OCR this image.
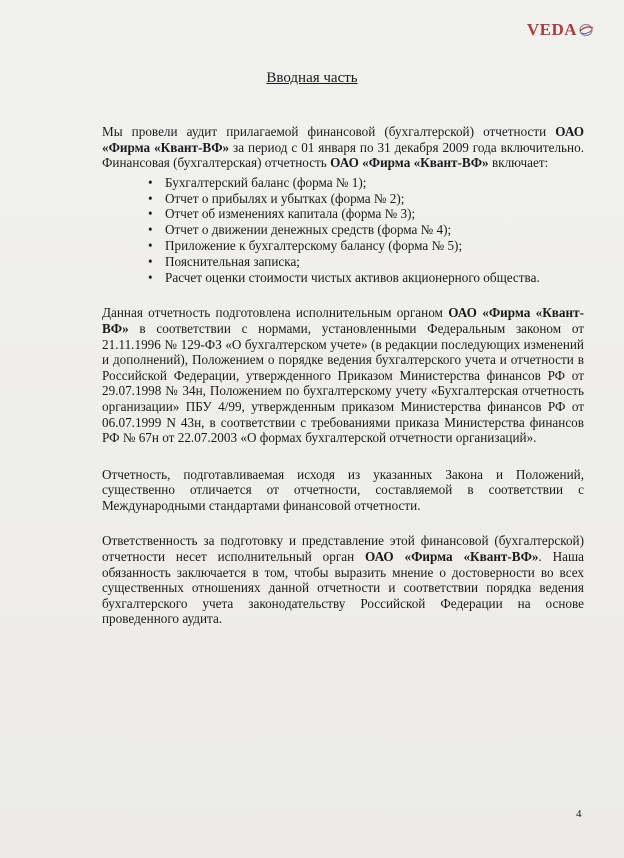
VEDA
Вводная часть

Мы провели аудит прилагаемой финансовой (бухгалтерской) отчетности ОАО «Фирма «Квант-ВФ» за период с 01 января по 31 декабря 2009 года включительно. Финансовая (бухгалтерская) отчетность ОАО «Фирма «Квант-ВФ» включает:

• Бухгалтерский баланс (форма № 1);
• Отчет о прибылях и убытках (форма № 2);
• Отчет об изменениях капитала (форма № 3);
• Отчет о движении денежных средств (форма № 4);
• Приложение к бухгалтерскому балансу (форма № 5);
• Пояснительная записка;
• Расчет оценки стоимости чистых активов акционерного общества.

Данная отчетность подготовлена исполнительным органом ОАО «Фирма «Квант-ВФ» в соответствии с нормами, установленными Федеральным законом от 21.11.1996 № 129-ФЗ «О бухгалтерском учете» (в редакции последующих изменений и дополнений), Положением о порядке ведения бухгалтерского учета и отчетности в Российской Федерации, утвержденного Приказом Министерства финансов РФ от 29.07.1998 № 34н, Положением по бухгалтерскому учету «Бухгалтерская отчетность организации» ПБУ 4/99, утвержденным приказом Министерства финансов РФ от 06.07.1999 N 43н, в соответствии с требованиями приказа Министерства финансов РФ № 67н от 22.07.2003 «О формах бухгалтерской отчетности организаций».

Отчетность, подготавливаемая исходя из указанных Закона и Положений, существенно отличается от отчетности, составляемой в соответствии с Международными стандартами финансовой отчетности.

Ответственность за подготовку и представление этой финансовой (бухгалтерской) отчетности несет исполнительный орган ОАО «Фирма «Квант-ВФ». Наша обязанность заключается в том, чтобы выразить мнение о достоверности во всех существенных отношениях данной отчетности и соответствии порядка ведения бухгалтерского учета законодательству Российской Федерации на основе проведенного аудита.

4
